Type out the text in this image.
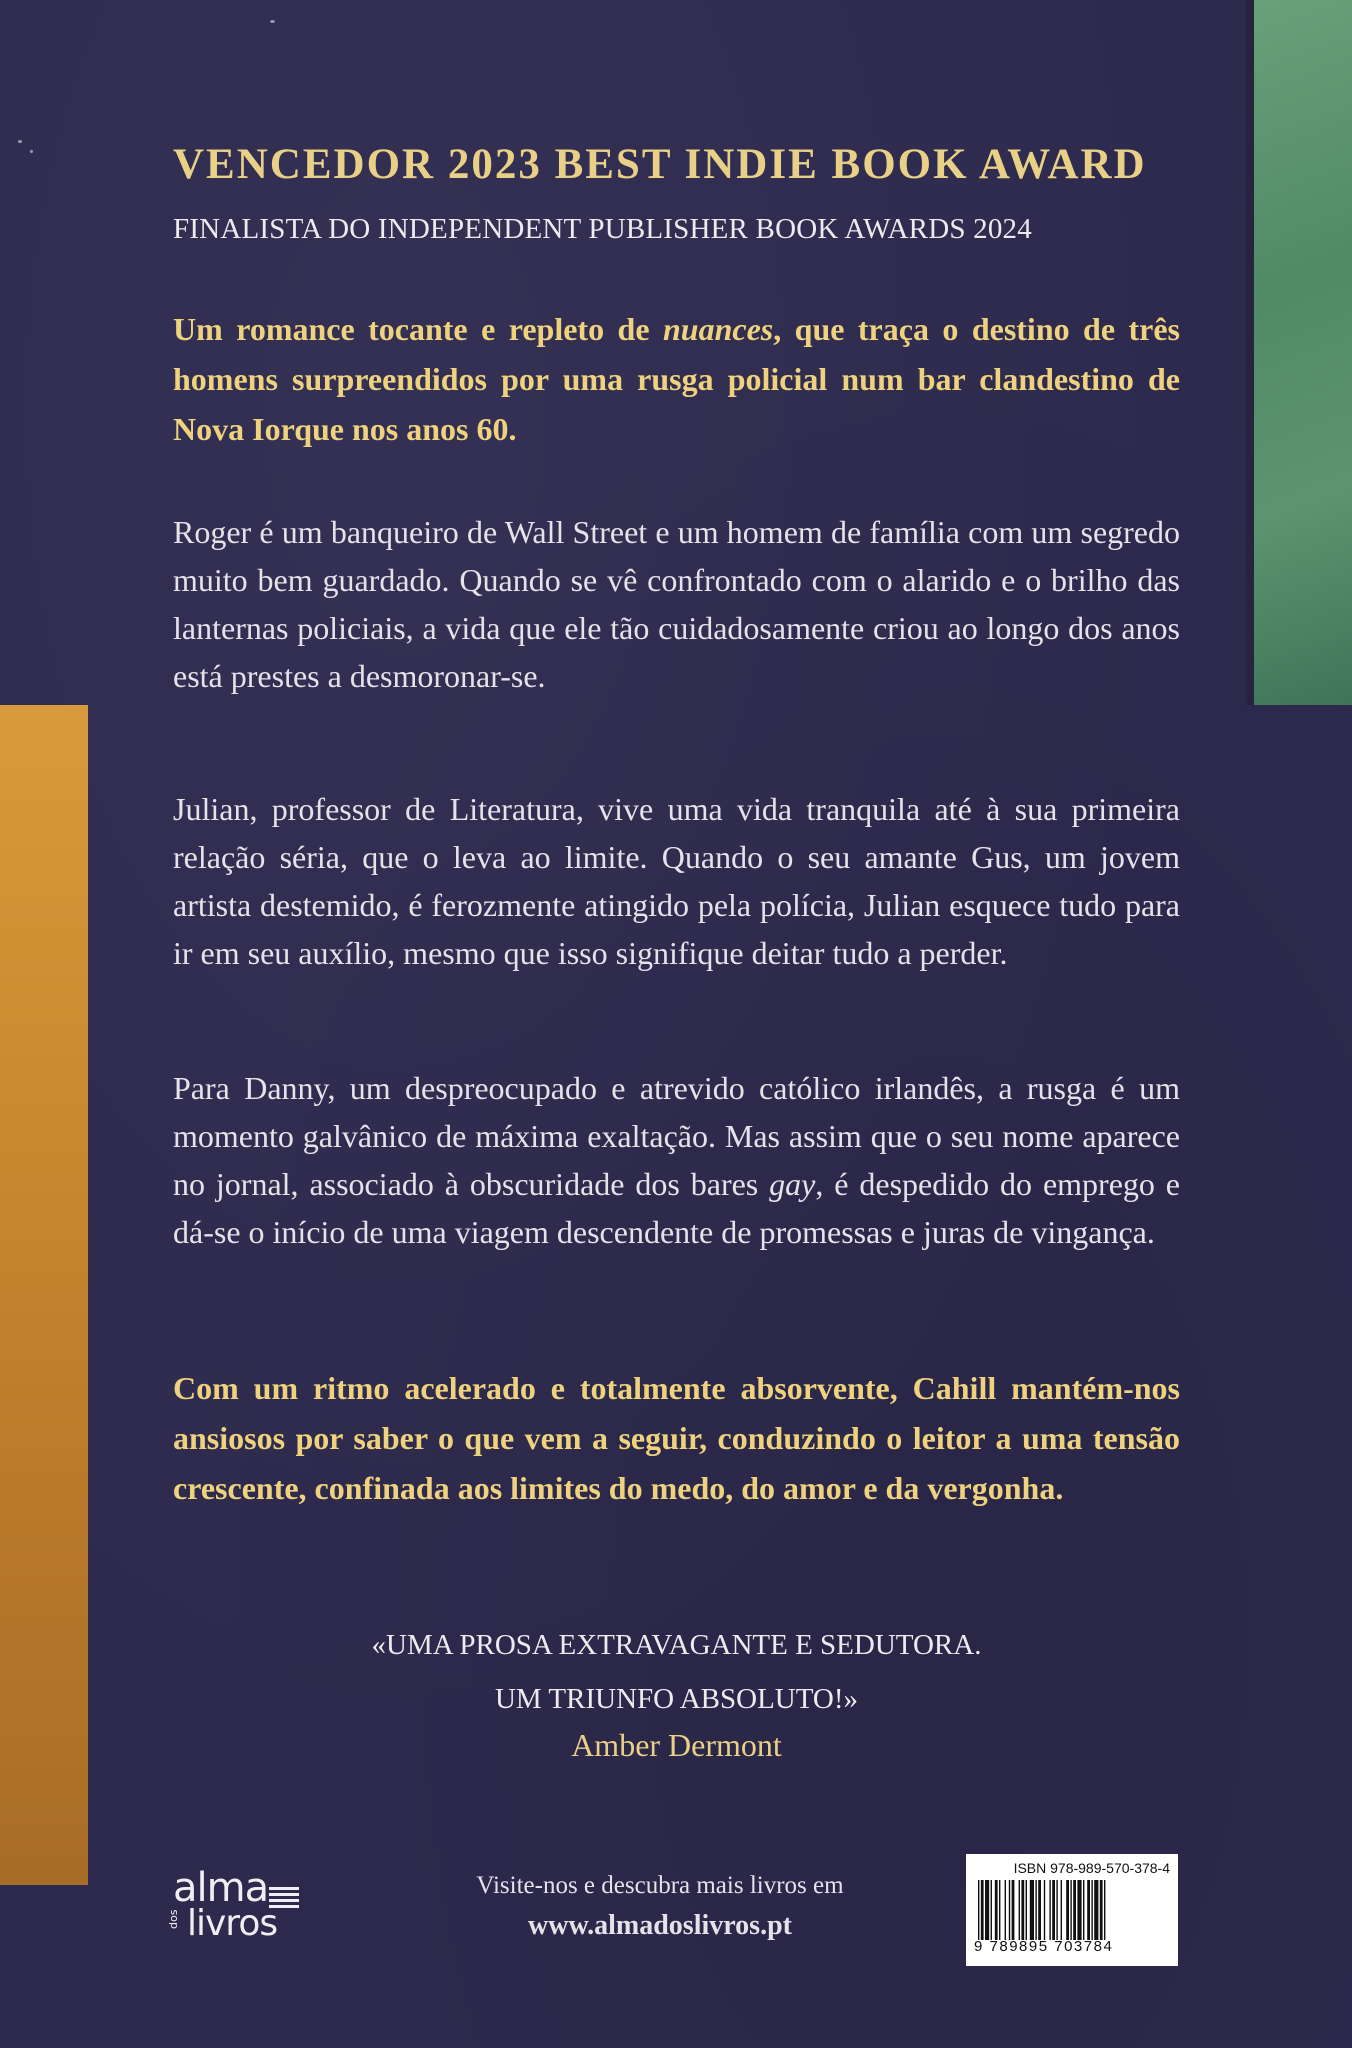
VENCEDOR 2023 BEST INDIE BOOK AWARD
FINALISTA DO INDEPENDENT PUBLISHER BOOK AWARDS 2024
Um romance tocante e repleto de nuances, que traça o destino de três homens surpreendidos por uma rusga policial num bar clandestino de Nova Iorque nos anos 60.
Roger é um banqueiro de Wall Street e um homem de família com um segredo muito bem guardado. Quando se vê confrontado com o alarido e o brilho das lanternas policiais, a vida que ele tão cuidadosamente criou ao longo dos anos está prestes a desmoronar-se.
Julian, professor de Literatura, vive uma vida tranquila até à sua primeira relação séria, que o leva ao limite. Quando o seu amante Gus, um jovem artista destemido, é ferozmente atingido pela polícia, Julian esquece tudo para ir em seu auxílio, mesmo que isso signifique deitar tudo a perder.
Para Danny, um despreocupado e atrevido católico irlandês, a rusga é um momento galvânico de máxima exaltação. Mas assim que o seu nome aparece no jornal, associado à obscuridade dos bares gay, é despedido do emprego e dá-se o início de uma viagem descendente de promessas e juras de vingança.
Com um ritmo acelerado e totalmente absorvente, Cahill mantém-nos ansiosos por saber o que vem a seguir, conduzindo o leitor a uma tensão crescente, confinada aos limites do medo, do amor e da vergonha.
«UMA PROSA EXTRAVAGANTE E SEDUTORA.
UM TRIUNFO ABSOLUTO!»
Amber Dermont
alma
dos livros
Visite-nos e descubra mais livros em
www.almadoslivros.pt
ISBN 978-989-570-378-4
9 789895 703784
